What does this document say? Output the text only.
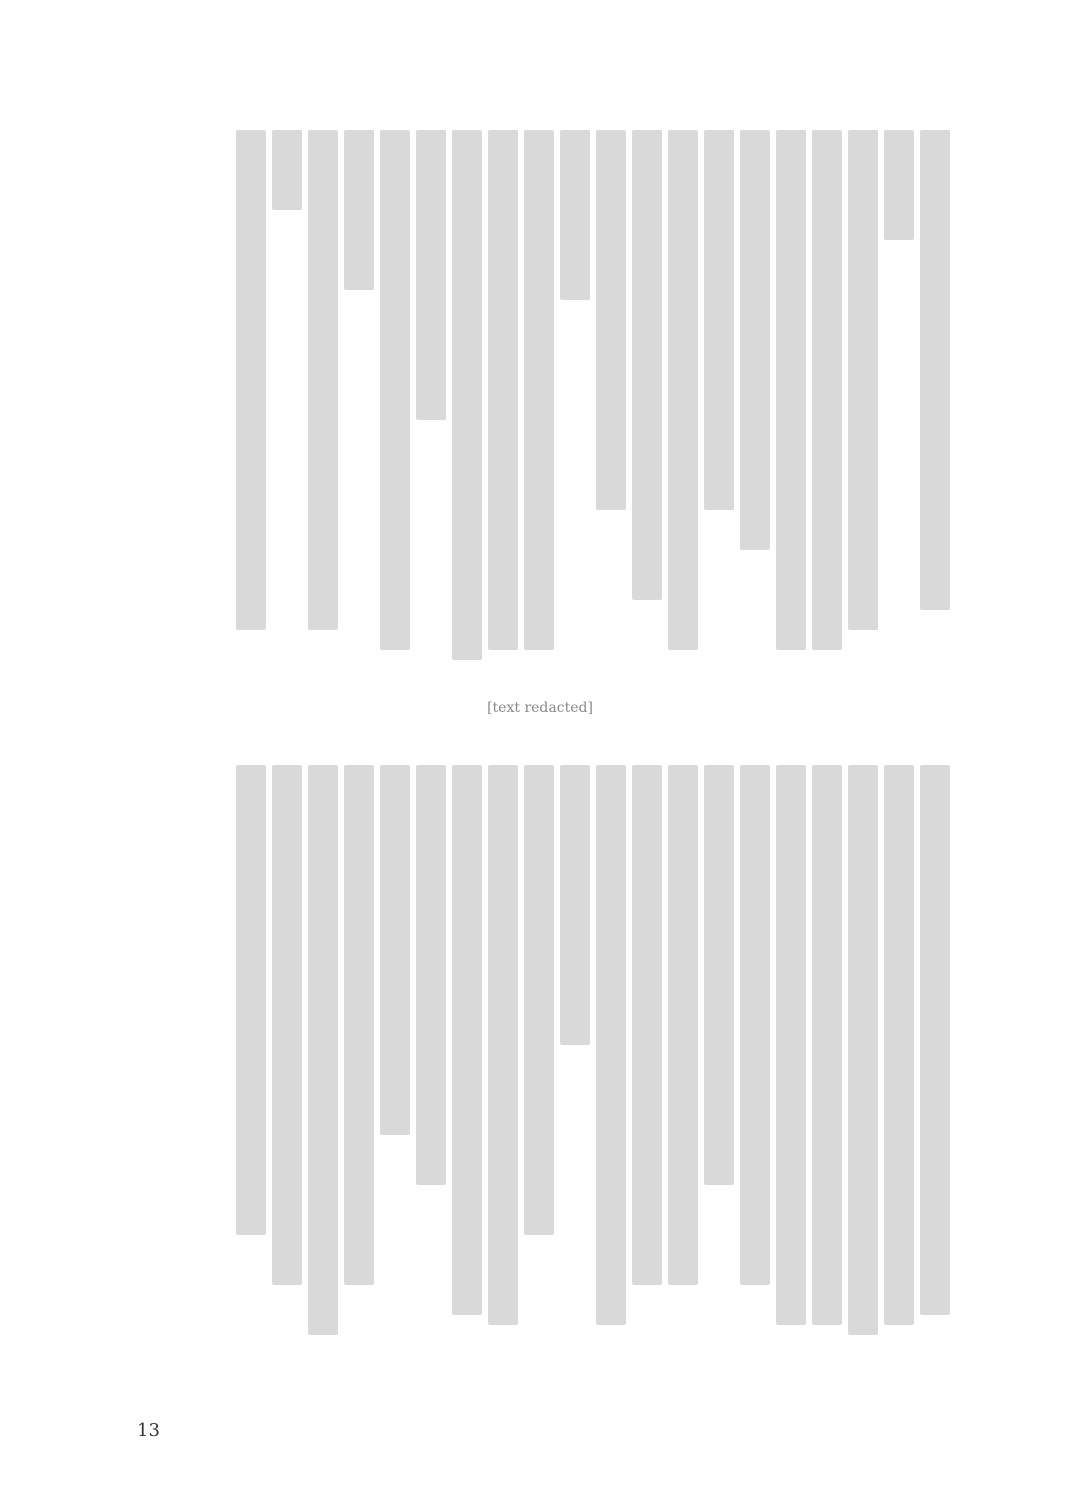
[text redacted]
13
